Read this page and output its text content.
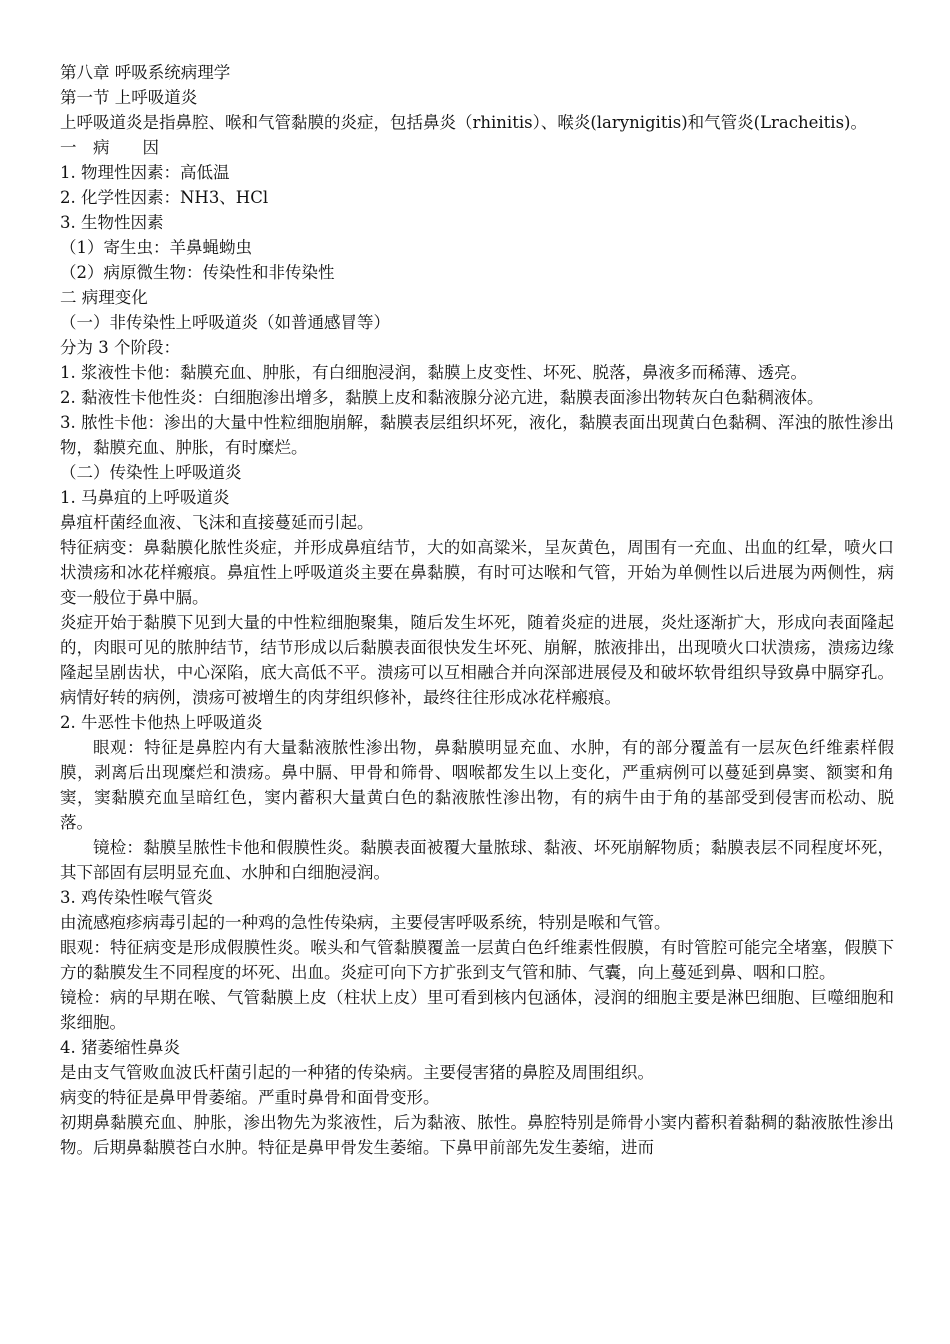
第八章 呼吸系统病理学

第一节 上呼吸道炎

上呼吸道炎是指鼻腔、喉和气管黏膜的炎症，包括鼻炎（rhinitis）、喉炎(larynigitis)和气管炎(Lracheitis)。

一　病　　因

1. 物理性因素：高低温

2. 化学性因素：NH3、HCl

3. 生物性因素

（1）寄生虫：羊鼻蝇蚴虫

（2）病原微生物：传染性和非传染性

二 病理变化

（一）非传染性上呼吸道炎（如普通感冒等）

分为 3 个阶段：

1. 浆液性卡他：黏膜充血、肿胀，有白细胞浸润，黏膜上皮变性、坏死、脱落，鼻液多而稀薄、透亮。

2. 黏液性卡他性炎：白细胞渗出增多，黏膜上皮和黏液腺分泌亢进，黏膜表面渗出物转灰白色黏稠液体。

3. 脓性卡他：渗出的大量中性粒细胞崩解，黏膜表层组织坏死，液化，黏膜表面出现黄白色黏稠、浑浊的脓性渗出物，黏膜充血、肿胀，有时糜烂。

（二）传染性上呼吸道炎

1. 马鼻疽的上呼吸道炎

鼻疽杆菌经血液、飞沫和直接蔓延而引起。

特征病变：鼻黏膜化脓性炎症，并形成鼻疽结节，大的如高粱米，呈灰黄色，周围有一充血、出血的红晕，喷火口状溃疡和冰花样瘢痕。鼻疽性上呼吸道炎主要在鼻黏膜，有时可达喉和气管，开始为单侧性以后进展为两侧性，病变一般位于鼻中膈。

炎症开始于黏膜下见到大量的中性粒细胞聚集，随后发生坏死，随着炎症的进展，炎灶逐渐扩大，形成向表面隆起的，肉眼可见的脓肿结节，结节形成以后黏膜表面很快发生坏死、崩解，脓液排出，出现喷火口状溃疡，溃疡边缘隆起呈剧齿状，中心深陷，底大高低不平。溃疡可以互相融合并向深部进展侵及和破坏软骨组织导致鼻中膈穿孔。病情好转的病例，溃疡可被增生的肉芽组织修补，最终往往形成冰花样瘢痕。

2. 牛恶性卡他热上呼吸道炎

眼观：特征是鼻腔内有大量黏液脓性渗出物，鼻黏膜明显充血、水肿，有的部分覆盖有一层灰色纤维素样假膜，剥离后出现糜烂和溃疡。鼻中膈、甲骨和筛骨、咽喉都发生以上变化，严重病例可以蔓延到鼻窦、额窦和角窦，窦黏膜充血呈暗红色，窦内蓄积大量黄白色的黏液脓性渗出物，有的病牛由于角的基部受到侵害而松动、脱落。

镜检：黏膜呈脓性卡他和假膜性炎。黏膜表面被覆大量脓球、黏液、坏死崩解物质；黏膜表层不同程度坏死，其下部固有层明显充血、水肿和白细胞浸润。

3. 鸡传染性喉气管炎

由流感疱疹病毒引起的一种鸡的急性传染病，主要侵害呼吸系统，特别是喉和气管。

眼观：特征病变是形成假膜性炎。喉头和气管黏膜覆盖一层黄白色纤维素性假膜，有时管腔可能完全堵塞，假膜下方的黏膜发生不同程度的坏死、出血。炎症可向下方扩张到支气管和肺、气囊，向上蔓延到鼻、咽和口腔。

镜检：病的早期在喉、气管黏膜上皮（柱状上皮）里可看到核内包涵体，浸润的细胞主要是淋巴细胞、巨噬细胞和浆细胞。

4. 猪萎缩性鼻炎

是由支气管败血波氏杆菌引起的一种猪的传染病。主要侵害猪的鼻腔及周围组织。

病变的特征是鼻甲骨萎缩。严重时鼻骨和面骨变形。

初期鼻黏膜充血、肿胀，渗出物先为浆液性，后为黏液、脓性。鼻腔特别是筛骨小窦内蓄积着黏稠的黏液脓性渗出物。后期鼻黏膜苍白水肿。特征是鼻甲骨发生萎缩。下鼻甲前部先发生萎缩，进而
